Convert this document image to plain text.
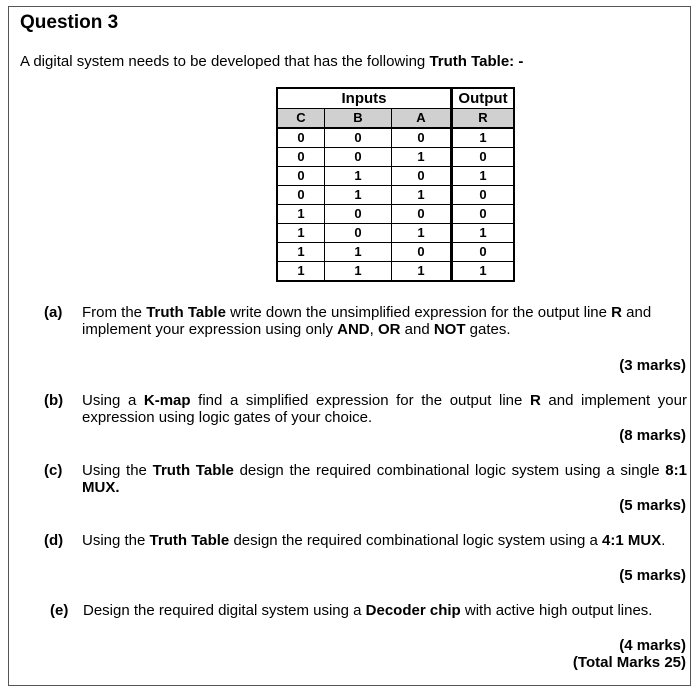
Question 3
A digital system needs to be developed that has the following Truth Table: -
Inputs			Output
C	B	A	R
0	0	0	1
0	0	1	0
0	1	0	1
0	1	1	0
1	0	0	0
1	0	1	1
1	1	0	0
1	1	1	1
(a) From the Truth Table write down the unsimplified expression for the output line R and implement your expression using only AND, OR and NOT gates.
(3 marks)
(b) Using a K-map find a simplified expression for the output line R and implement your expression using logic gates of your choice.
(8 marks)
(c) Using the Truth Table design the required combinational logic system using a single 8:1 MUX.
(5 marks)
(d) Using the Truth Table design the required combinational logic system using a 4:1 MUX.
(5 marks)
(e) Design the required digital system using a Decoder chip with active high output lines.
(4 marks)
(Total Marks 25)
